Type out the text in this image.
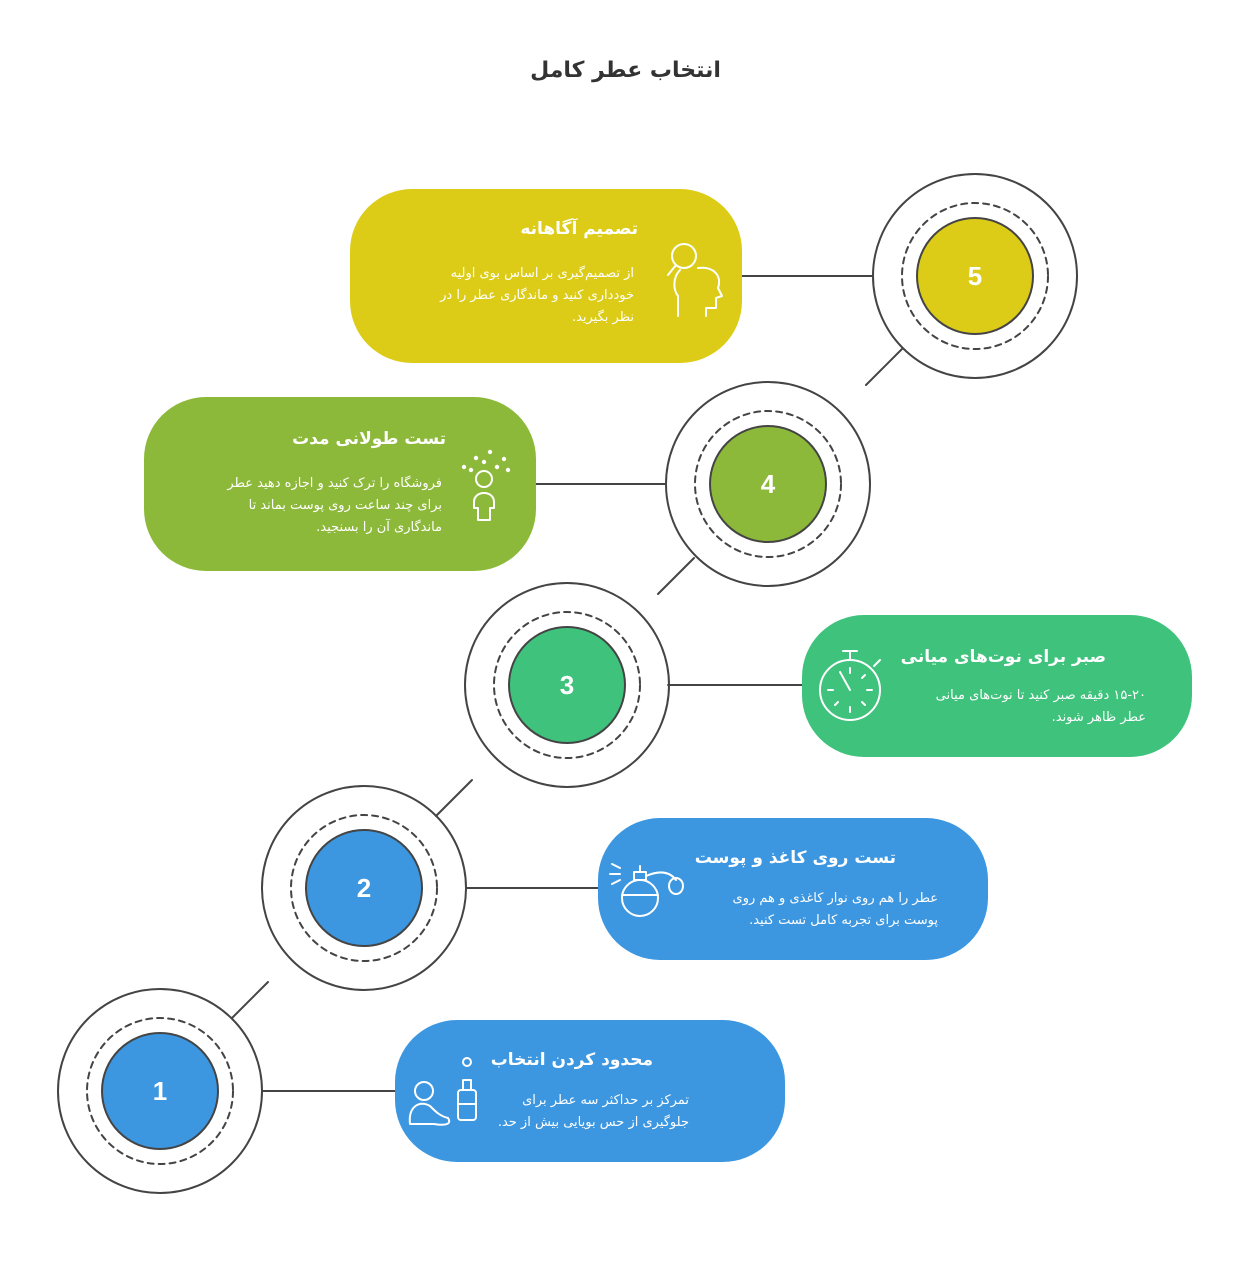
انتخاب عطر کامل
1
2
3
4
5
تصمیم آگاهانه
از تصمیم‌گیری بر اساس بوی اولیه
خودداری کنید و ماندگاری عطر را در
نظر بگیرید.
تست طولانی مدت
فروشگاه را ترک کنید و اجازه دهید عطر
برای چند ساعت روی پوست بماند تا
ماندگاری آن را بسنجید.
صبر برای نوت‌های میانی
۱۵-۲۰ دقیقه صبر کنید تا نوت‌های میانی
عطر ظاهر شوند.
تست روی کاغذ و پوست
عطر را هم روی نوار کاغذی و هم روی
پوست برای تجربه کامل تست کنید.
محدود کردن انتخاب
تمرکز بر حداکثر سه عطر برای
جلوگیری از حس بویایی بیش از حد.
